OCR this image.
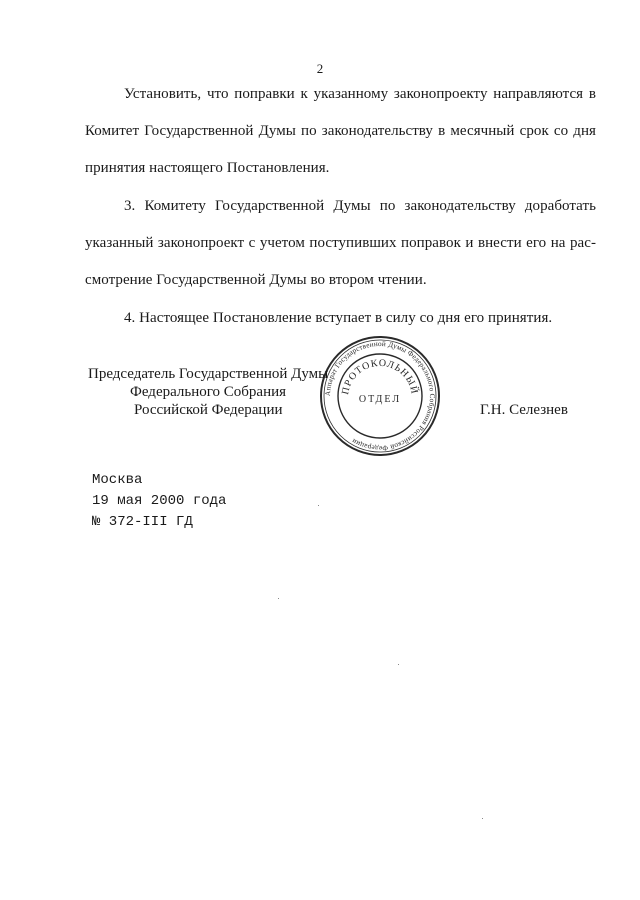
2
Установить, что поправки к указанному законопроекту направляются в
Комитет Государственной Думы по законодательству в месячный срок со дня
принятия настоящего Постановления.
3. Комитету Государственной Думы по законодательству доработать
указанный законопроект с учетом поступивших поправок и внести его на рас-
смотрение Государственной Думы во втором чтении.
4. Настоящее Постановление вступает в силу со дня его принятия.
Аппарат Государственной Думы Федерального Собрания Российской Федерации
ПРОТОКОЛЬНЫЙ
ОТДЕЛ
Председатель Государственной Думы
Федерального Собрания
Российской Федерации	Г.Н. Селезнев
Москва
19 мая 2000 года
№ 372-III ГД
